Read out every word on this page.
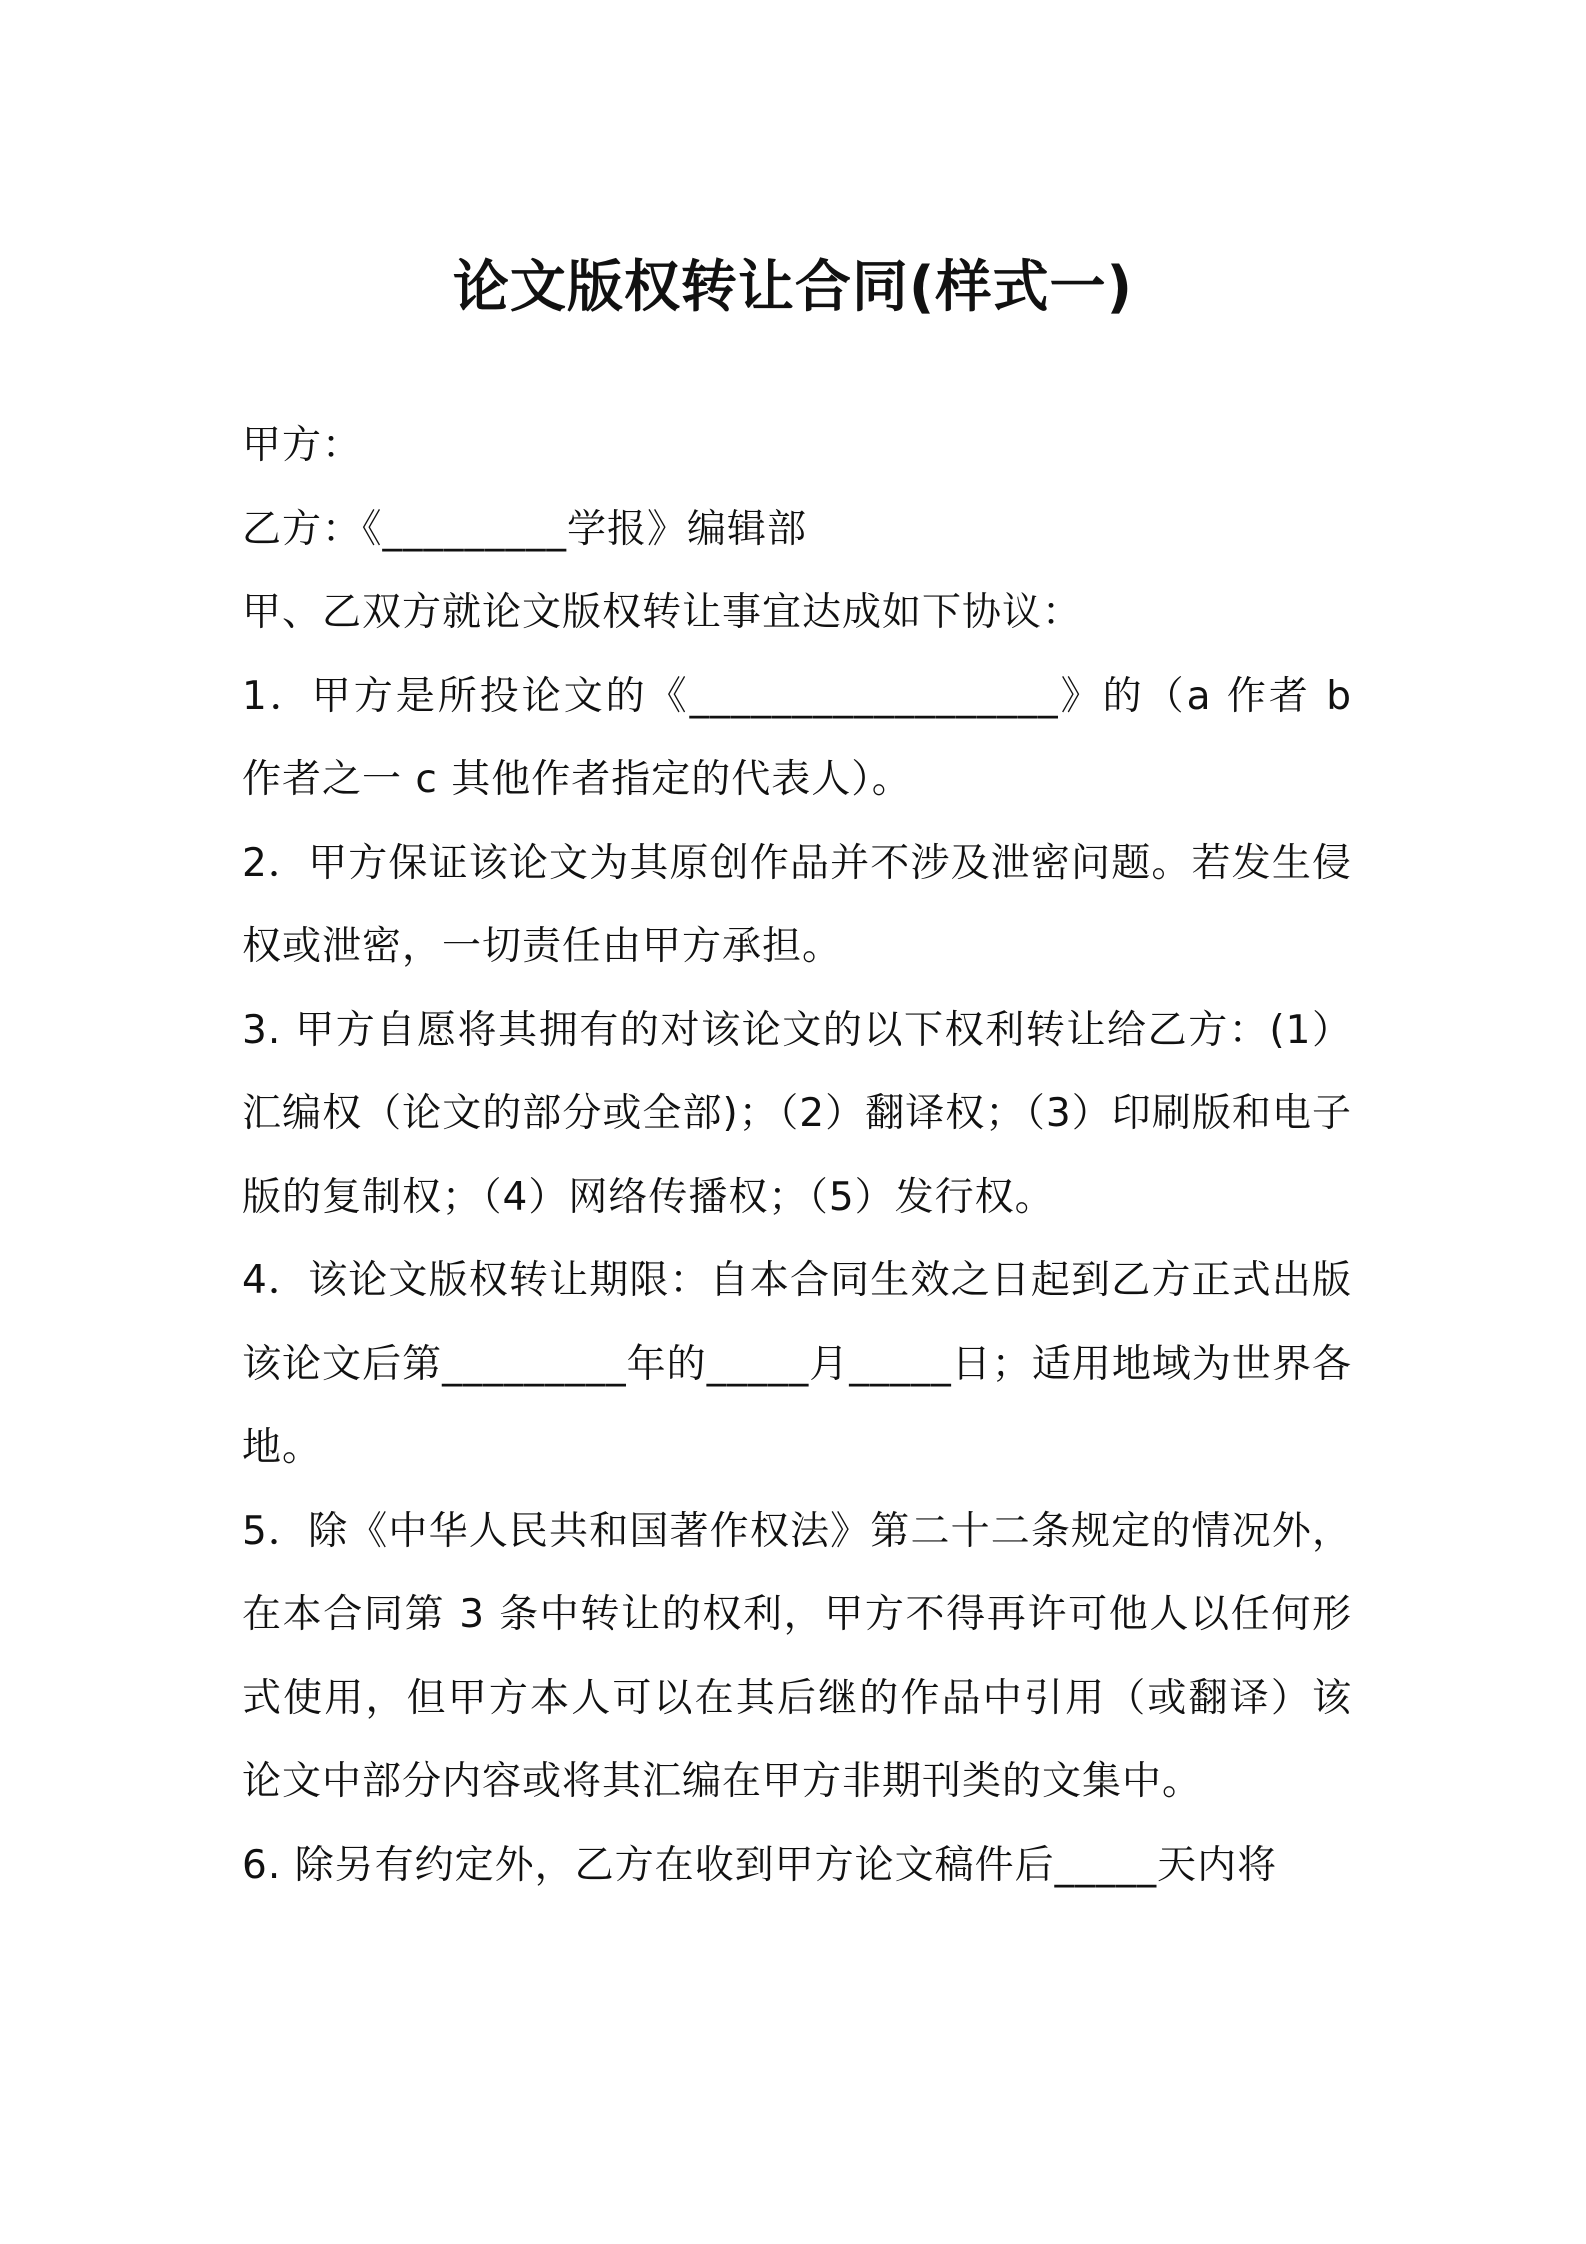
论文版权转让合同(样式一)

甲方：

乙方：《_________学报》编辑部

甲、乙双方就论文版权转让事宜达成如下协议：

1．甲方是所投论文的《__________________》的（a 作者 b 作者之一 c 其他作者指定的代表人）。

2．甲方保证该论文为其原创作品并不涉及泄密问题。若发生侵权或泄密，一切责任由甲方承担。

3. 甲方自愿将其拥有的对该论文的以下权利转让给乙方：(1）汇编权（论文的部分或全部)；（2）翻译权；（3）印刷版和电子版的复制权；（4）网络传播权；（5）发行权。

4．该论文版权转让期限：自本合同生效之日起到乙方正式出版该论文后第_________年的_____月_____日；适用地域为世界各地。

5．除《中华人民共和国著作权法》第二十二条规定的情况外，在本合同第 3 条中转让的权利，甲方不得再许可他人以任何形式使用，但甲方本人可以在其后继的作品中引用（或翻译）该论文中部分内容或将其汇编在甲方非期刊类的文集中。

6. 除另有约定外，乙方在收到甲方论文稿件后_____天内将
